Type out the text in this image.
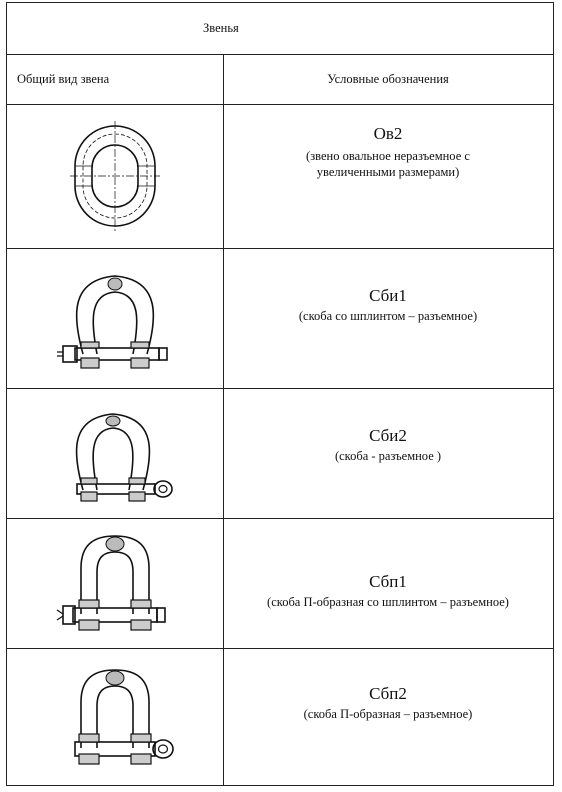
Звенья
Общий вид звена	Условные обозначения
Ов2
(звено овальное неразъемное с
увеличенными размерами)
Сби1
(скоба со шплинтом – разъемное)
Сби2
(скоба - разъемное )
Сбп1
(скоба П-образная со шплинтом – разъемное)
Сбп2
(скоба П-образная – разъемное)
